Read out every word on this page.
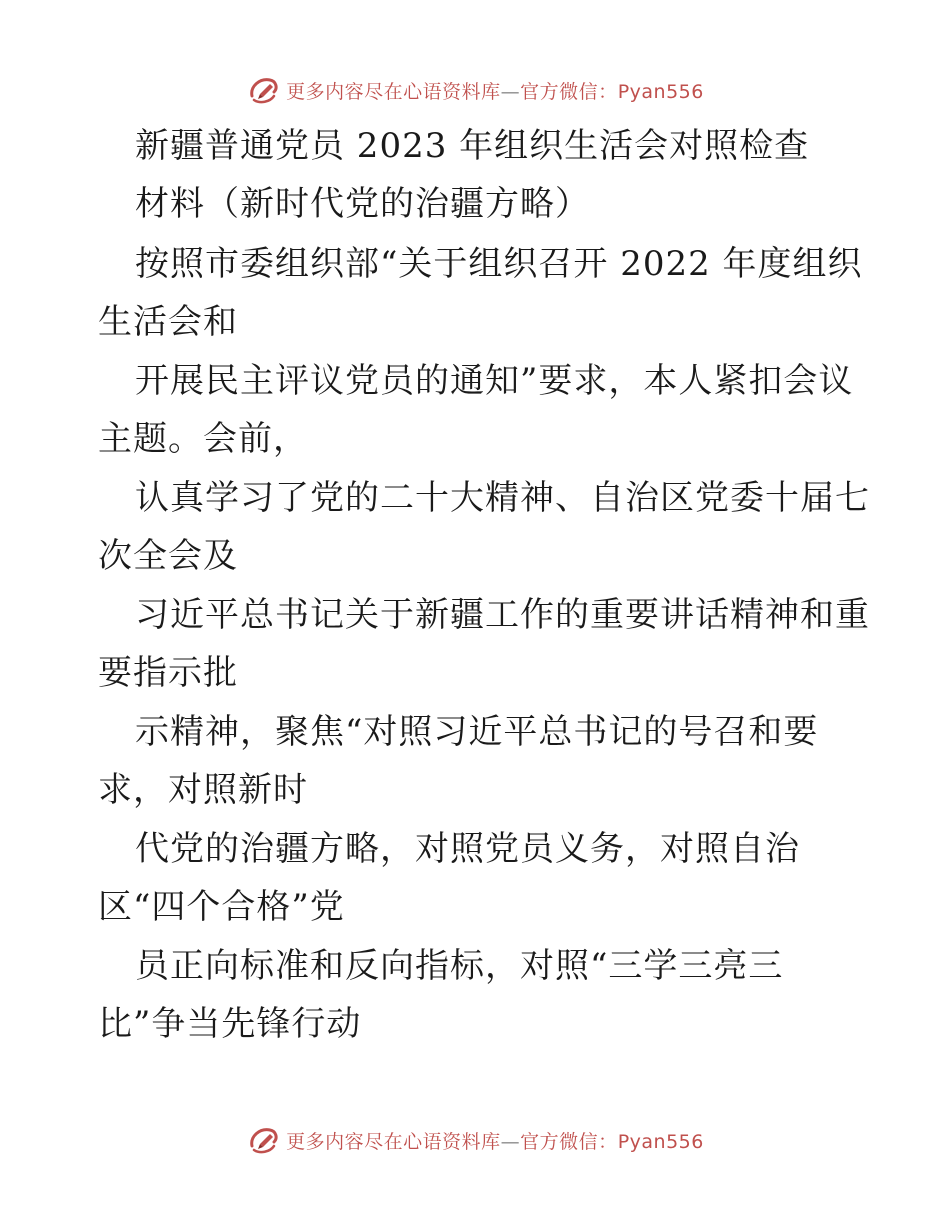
更多内容尽在心语资料库—官方微信：Pyan556
新疆普通党员 2023 年组织生活会对照检查
材料（新时代党的治疆方略）
按照市委组织部“关于组织召开 2022 年度组织
生活会和
开展民主评议党员的通知”要求，本人紧扣会议
主题。会前，
认真学习了党的二十大精神、自治区党委十届七
次全会及
习近平总书记关于新疆工作的重要讲话精神和重
要指示批
示精神，聚焦“对照习近平总书记的号召和要
求，对照新时
代党的治疆方略，对照党员义务，对照自治
区“四个合格”党
员正向标准和反向指标，对照“三学三亮三
比”争当先锋行动
更多内容尽在心语资料库—官方微信：Pyan556
